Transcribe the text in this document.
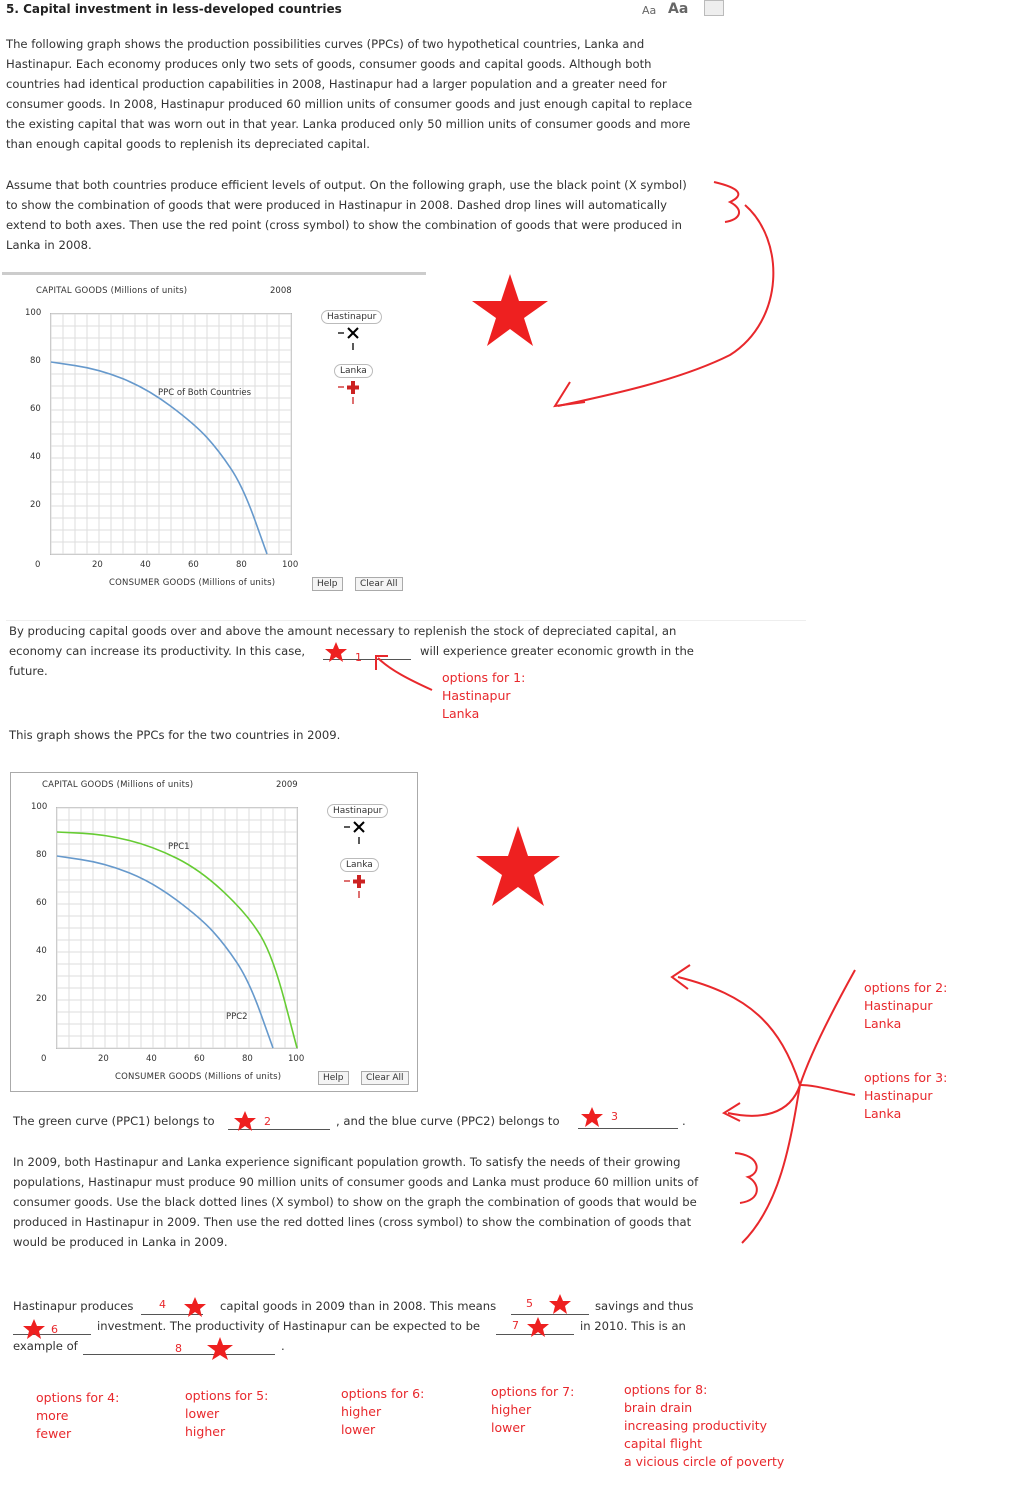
5. Capital investment in less-developed countries	Aa Aa
The following graph shows the production possibilities curves (PPCs) of two hypothetical countries, Lanka and
Hastinapur. Each economy produces only two sets of goods, consumer goods and capital goods. Although both
countries had identical production capabilities in 2008, Hastinapur had a larger population and a greater need for
consumer goods. In 2008, Hastinapur produced 60 million units of consumer goods and just enough capital to replace
the existing capital that was worn out in that year. Lanka produced only 50 million units of consumer goods and more
than enough capital goods to replenish its depreciated capital.
Assume that both countries produce efficient levels of output. On the following graph, use the black point (X symbol)
to show the combination of goods that were produced in Hastinapur in 2008. Dashed drop lines will automatically
extend to both axes. Then use the red point (cross symbol) to show the combination of goods that were produced in
Lanka in 2008.
CAPITAL GOODS (Millions of units)	2008
100
80
60
40
20
0	20	40	60	80	100
CONSUMER GOODS (Millions of units)
PPC of Both Countries
Hastinapur
Lanka
Help	Clear All
By producing capital goods over and above the amount necessary to replenish the stock of depreciated capital, an
economy can increase its productivity. In this case,	1	will experience greater economic growth in the
future.	options for 1:
Hastinapur
Lanka
This graph shows the PPCs for the two countries in 2009.
CAPITAL GOODS (Millions of units)	2009
100
80
60
40
20
0	20	40	60	80	100
CONSUMER GOODS (Millions of units)
PPC1
PPC2
Hastinapur
Lanka
Help	Clear All
options for 2:
Hastinapur
Lanka
options for 3:
Hastinapur
Lanka
The green curve (PPC1) belongs to	2	, and the blue curve (PPC2) belongs to	3	.
In 2009, both Hastinapur and Lanka experience significant population growth. To satisfy the needs of their growing
populations, Hastinapur must produce 90 million units of consumer goods and Lanka must produce 60 million units of
consumer goods. Use the black dotted lines (X symbol) to show on the graph the combination of goods that would be
produced in Hastinapur in 2009. Then use the red dotted lines (cross symbol) to show the combination of goods that
would be produced in Lanka in 2009.
Hastinapur produces 4	capital goods in 2009 than in 2008. This means	5	savings and thus
6	investment. The productivity of Hastinapur can be expected to be	7	in 2010. This is an
example of	8	.
options for 4:
more
fewer
options for 5:
lower
higher
options for 6:
higher
lower
options for 7:
higher
lower
options for 8:
brain drain
increasing productivity
capital flight
a vicious circle of poverty
